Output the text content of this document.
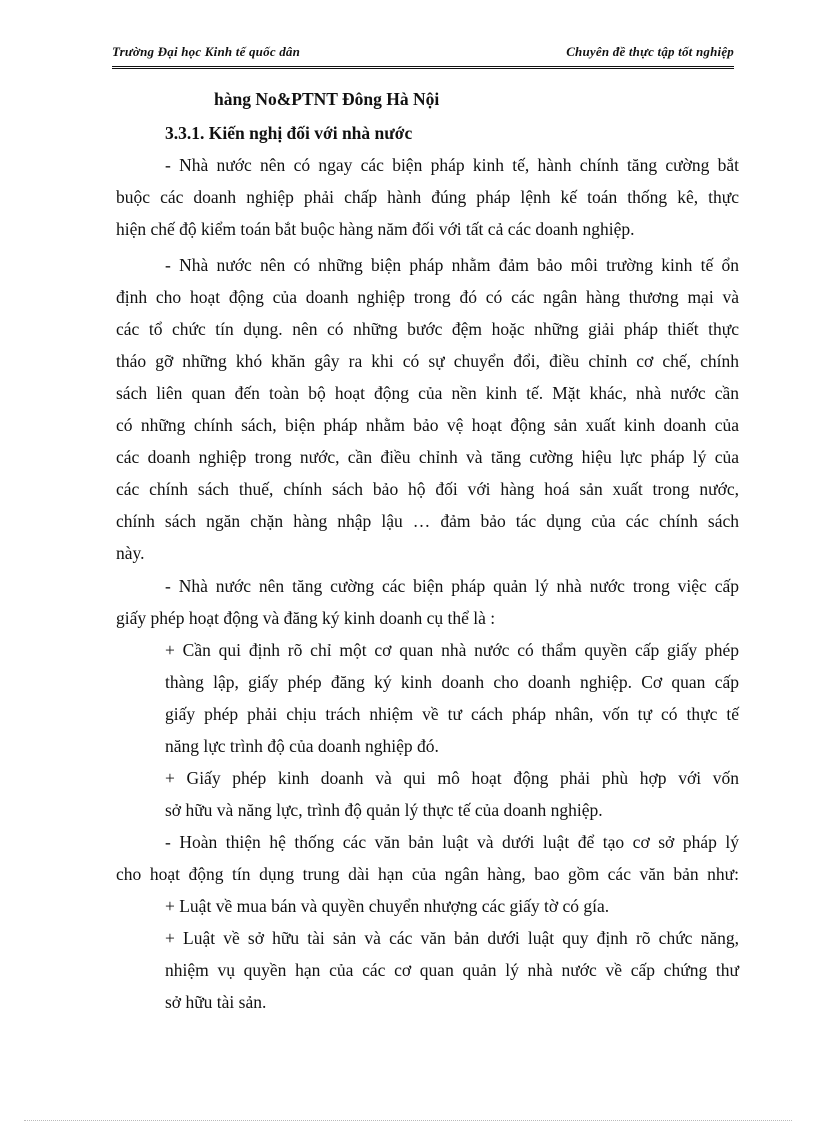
Trường Đại học Kinh tế quốc dân	Chuyên đề thực tập tốt nghiệp
hàng No&PTNT Đông Hà Nội
3.3.1. Kiến nghị đối với nhà nước
- Nhà nước nên có ngay các biện pháp kinh tế, hành chính tăng cường bắt
buộc các doanh nghiệp phải chấp hành đúng pháp lệnh kế toán thống kê, thực
hiện chế độ kiểm toán bắt buộc hàng năm đối với tất cả các doanh nghiệp.
- Nhà nước nên có những biện pháp nhằm đảm bảo môi trường kinh tế ổn
định cho hoạt động của doanh nghiệp trong đó có các ngân hàng thương mại và
các tổ chức tín dụng. nên có những bước đệm hoặc những giải pháp thiết thực
tháo gỡ những khó khăn gây ra khi có sự chuyển đổi, điều chỉnh cơ chế, chính
sách liên quan đến toàn bộ hoạt động của nền kinh tế. Mặt khác, nhà nước cần
có những chính sách, biện pháp nhằm bảo vệ hoạt động sản xuất kinh doanh của
các doanh nghiệp trong nước, cần điều chỉnh và tăng cường hiệu lực pháp lý của
các chính sách thuế, chính sách bảo hộ đối với hàng hoá sản xuất trong nước,
chính sách ngăn chặn hàng nhập lậu … đảm bảo tác dụng của các chính sách
này.
- Nhà nước nên tăng cường các biện pháp quản lý nhà nước trong việc cấp
giấy phép hoạt động và đăng ký kinh doanh cụ thể là :
+ Cần qui định rõ chỉ một cơ quan nhà nước có thẩm quyền cấp giấy phép
thàng lập, giấy phép đăng ký kinh doanh cho doanh nghiệp. Cơ quan cấp
giấy phép phải chịu trách nhiệm về tư cách pháp nhân, vốn tự có thực tế
năng lực trình độ của doanh nghiệp đó.
+ Giấy phép kinh doanh và qui mô hoạt động phải phù hợp với vốn
sở hữu và năng lực, trình độ quản lý thực tế của doanh nghiệp.
- Hoàn thiện hệ thống các văn bản luật và dưới luật để tạo cơ sở pháp lý
cho hoạt động tín dụng trung dài hạn của ngân hàng, bao gồm các văn bản như:
+ Luật về mua bán và quyền chuyển nhượng các giấy tờ có gía.
+ Luật về sở hữu tài sản và các văn bản dưới luật quy định rõ chức năng,
nhiệm vụ quyền hạn của các cơ quan quản lý nhà nước về cấp chứng thư
sở hữu tài sản.
